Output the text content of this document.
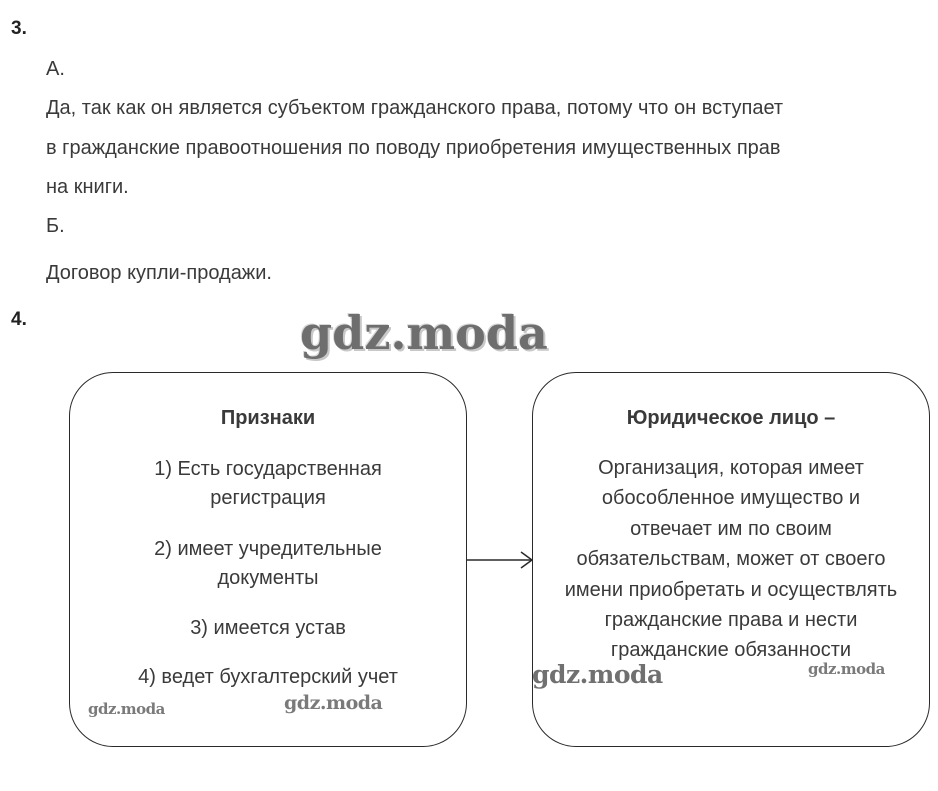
3.
А.
Да, так как он является субъектом гражданского права, потому что он вступает
в гражданские правоотношения по поводу приобретения имущественных прав
на книги.
Б.
Договор купли-продажи.
4.	gdz.moda
Признаки
1) Есть государственная регистрация
2) имеет учредительные документы
3) имеется устав
4) ведет бухгалтерский учет
Юридическое лицо –
Организация, которая имеет обособленное имущество и отвечает им по своим обязательствам, может от своего имени приобретать и осуществлять гражданские права и нести гражданские обязанности
gdz.moda	gdz.moda
gdz.moda	gdz.moda
